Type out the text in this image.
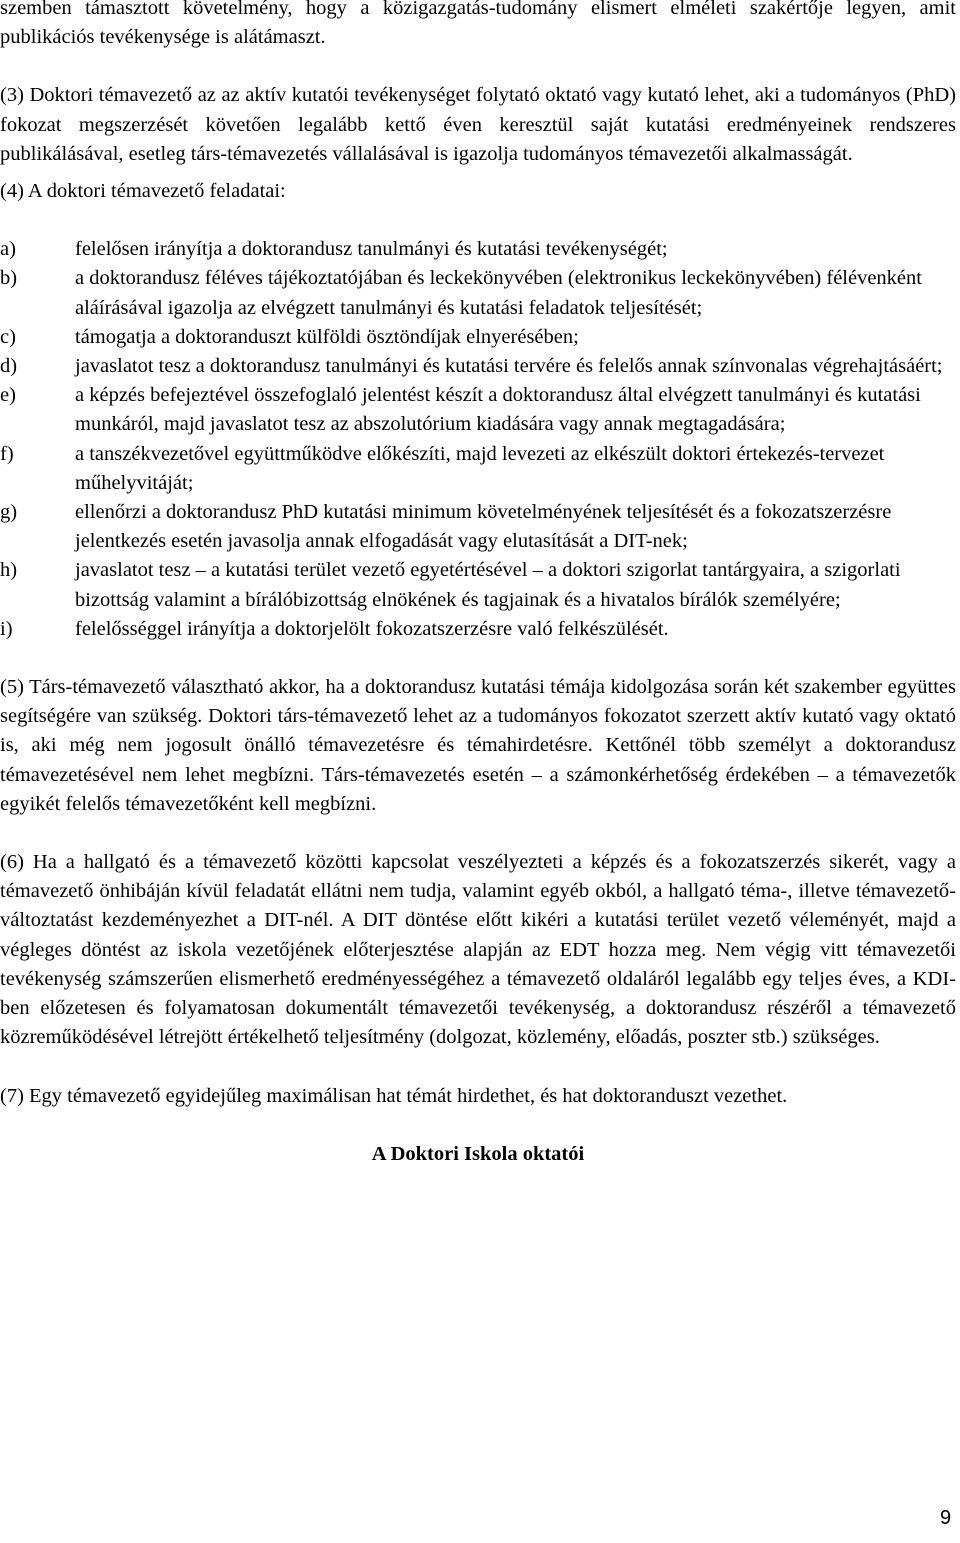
szemben támasztott követelmény, hogy a közigazgatás-tudomány elismert elméleti szakértője legyen, amit publikációs tevékenysége is alátámaszt.

(3) Doktori témavezető az az aktív kutatói tevékenységet folytató oktató vagy kutató lehet, aki a tudományos (PhD) fokozat megszerzését követően legalább kettő éven keresztül saját kutatási eredményeinek rendszeres publikálásával, esetleg társ-témavezetés vállalásával is igazolja tudományos témavezetői alkalmasságát.

(4) A doktori témavezető feladatai:

a)	felelősen irányítja a doktorandusz tanulmányi és kutatási tevékenységét;
b)	a doktorandusz féléves tájékoztatójában és leckekönyvében (elektronikus leckekönyvében) félévenként aláírásával igazolja az elvégzett tanulmányi és kutatási feladatok teljesítését;
c)	támogatja a doktoranduszt külföldi ösztöndíjak elnyerésében;
d)	javaslatot tesz a doktorandusz tanulmányi és kutatási tervére és felelős annak színvonalas végrehajtásáért;
e)	a képzés befejeztével összefoglaló jelentést készít a doktorandusz által elvégzett tanulmányi és kutatási munkáról, majd javaslatot tesz az abszolutórium kiadására vagy annak megtagadására;
f)	a tanszékvezetővel együttműködve előkészíti, majd levezeti az elkészült doktori értekezés-tervezet műhelyvitáját;
g)	ellenőrzi a doktorandusz PhD kutatási minimum követelményének teljesítését és a fokozatszerzésre jelentkezés esetén javasolja annak elfogadását vagy elutasítását a DIT-nek;
h)	javaslatot tesz – a kutatási terület vezető egyetértésével – a doktori szigorlat tantárgyaira, a szigorlati bizottság valamint a bírálóbizottság elnökének és tagjainak és a hivatalos bírálók személyére;
i)	felelősséggel irányítja a doktorjelölt fokozatszerzésre való felkészülését.

(5) Társ-témavezető választható akkor, ha a doktorandusz kutatási témája kidolgozása során két szakember együttes segítségére van szükség. Doktori társ-témavezető lehet az a tudományos fokozatot szerzett aktív kutató vagy oktató is, aki még nem jogosult önálló témavezetésre és témahirdetésre. Kettőnél több személyt a doktorandusz témavezetésével nem lehet megbízni. Társ-témavezetés esetén – a számonkérhetőség érdekében – a témavezetők egyikét felelős témavezetőként kell megbízni.

(6) Ha a hallgató és a témavezető közötti kapcsolat veszélyezteti a képzés és a fokozatszerzés sikerét, vagy a témavezető önhibáján kívül feladatát ellátni nem tudja, valamint egyéb okból, a hallgató téma-, illetve témavezető-változtatást kezdeményezhet a DIT-nél. A DIT döntése előtt kikéri a kutatási terület vezető véleményét, majd a végleges döntést az iskola vezetőjének előterjesztése alapján az EDT hozza meg. Nem végig vitt témavezetői tevékenység számszerűen elismerhető eredményességéhez a témavezető oldaláról legalább egy teljes éves, a KDI-ben előzetesen és folyamatosan dokumentált témavezetői tevékenység, a doktorandusz részéről a témavezető közreműködésével létrejött értékelhető teljesítmény (dolgozat, közlemény, előadás, poszter stb.) szükséges.

(7) Egy témavezető egyidejűleg maximálisan hat témát hirdethet, és hat doktoranduszt vezethet.

A Doktori Iskola oktatói

9
